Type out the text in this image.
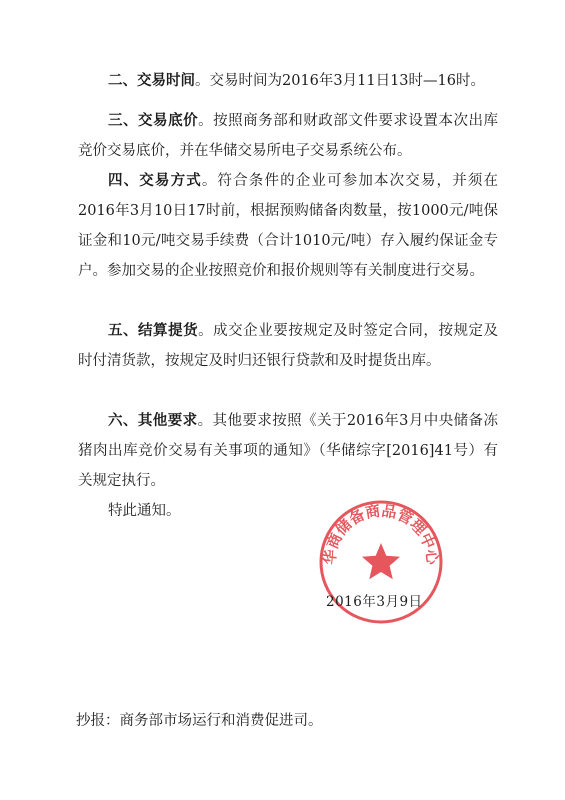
二、交易时间。交易时间为2016年3月11日13时—16时。

三、交易底价。按照商务部和财政部文件要求设置本次出库竞价交易底价，并在华储交易所电子交易系统公布。

四、交易方式。符合条件的企业可参加本次交易，并须在2016年3月10日17时前，根据预购储备肉数量，按1000元/吨保证金和10元/吨交易手续费（合计1010元/吨）存入履约保证金专户。参加交易的企业按照竞价和报价规则等有关制度进行交易。

五、结算提货。成交企业要按规定及时签定合同，按规定及时付清货款，按规定及时归还银行贷款和及时提货出库。

六、其他要求。其他要求按照《关于2016年3月中央储备冻猪肉出库竞价交易有关事项的通知》（华储综字[2016]41号）有关规定执行。

特此通知。

华商储备商品管理中心

2016年3月9日

抄报：商务部市场运行和消费促进司。
